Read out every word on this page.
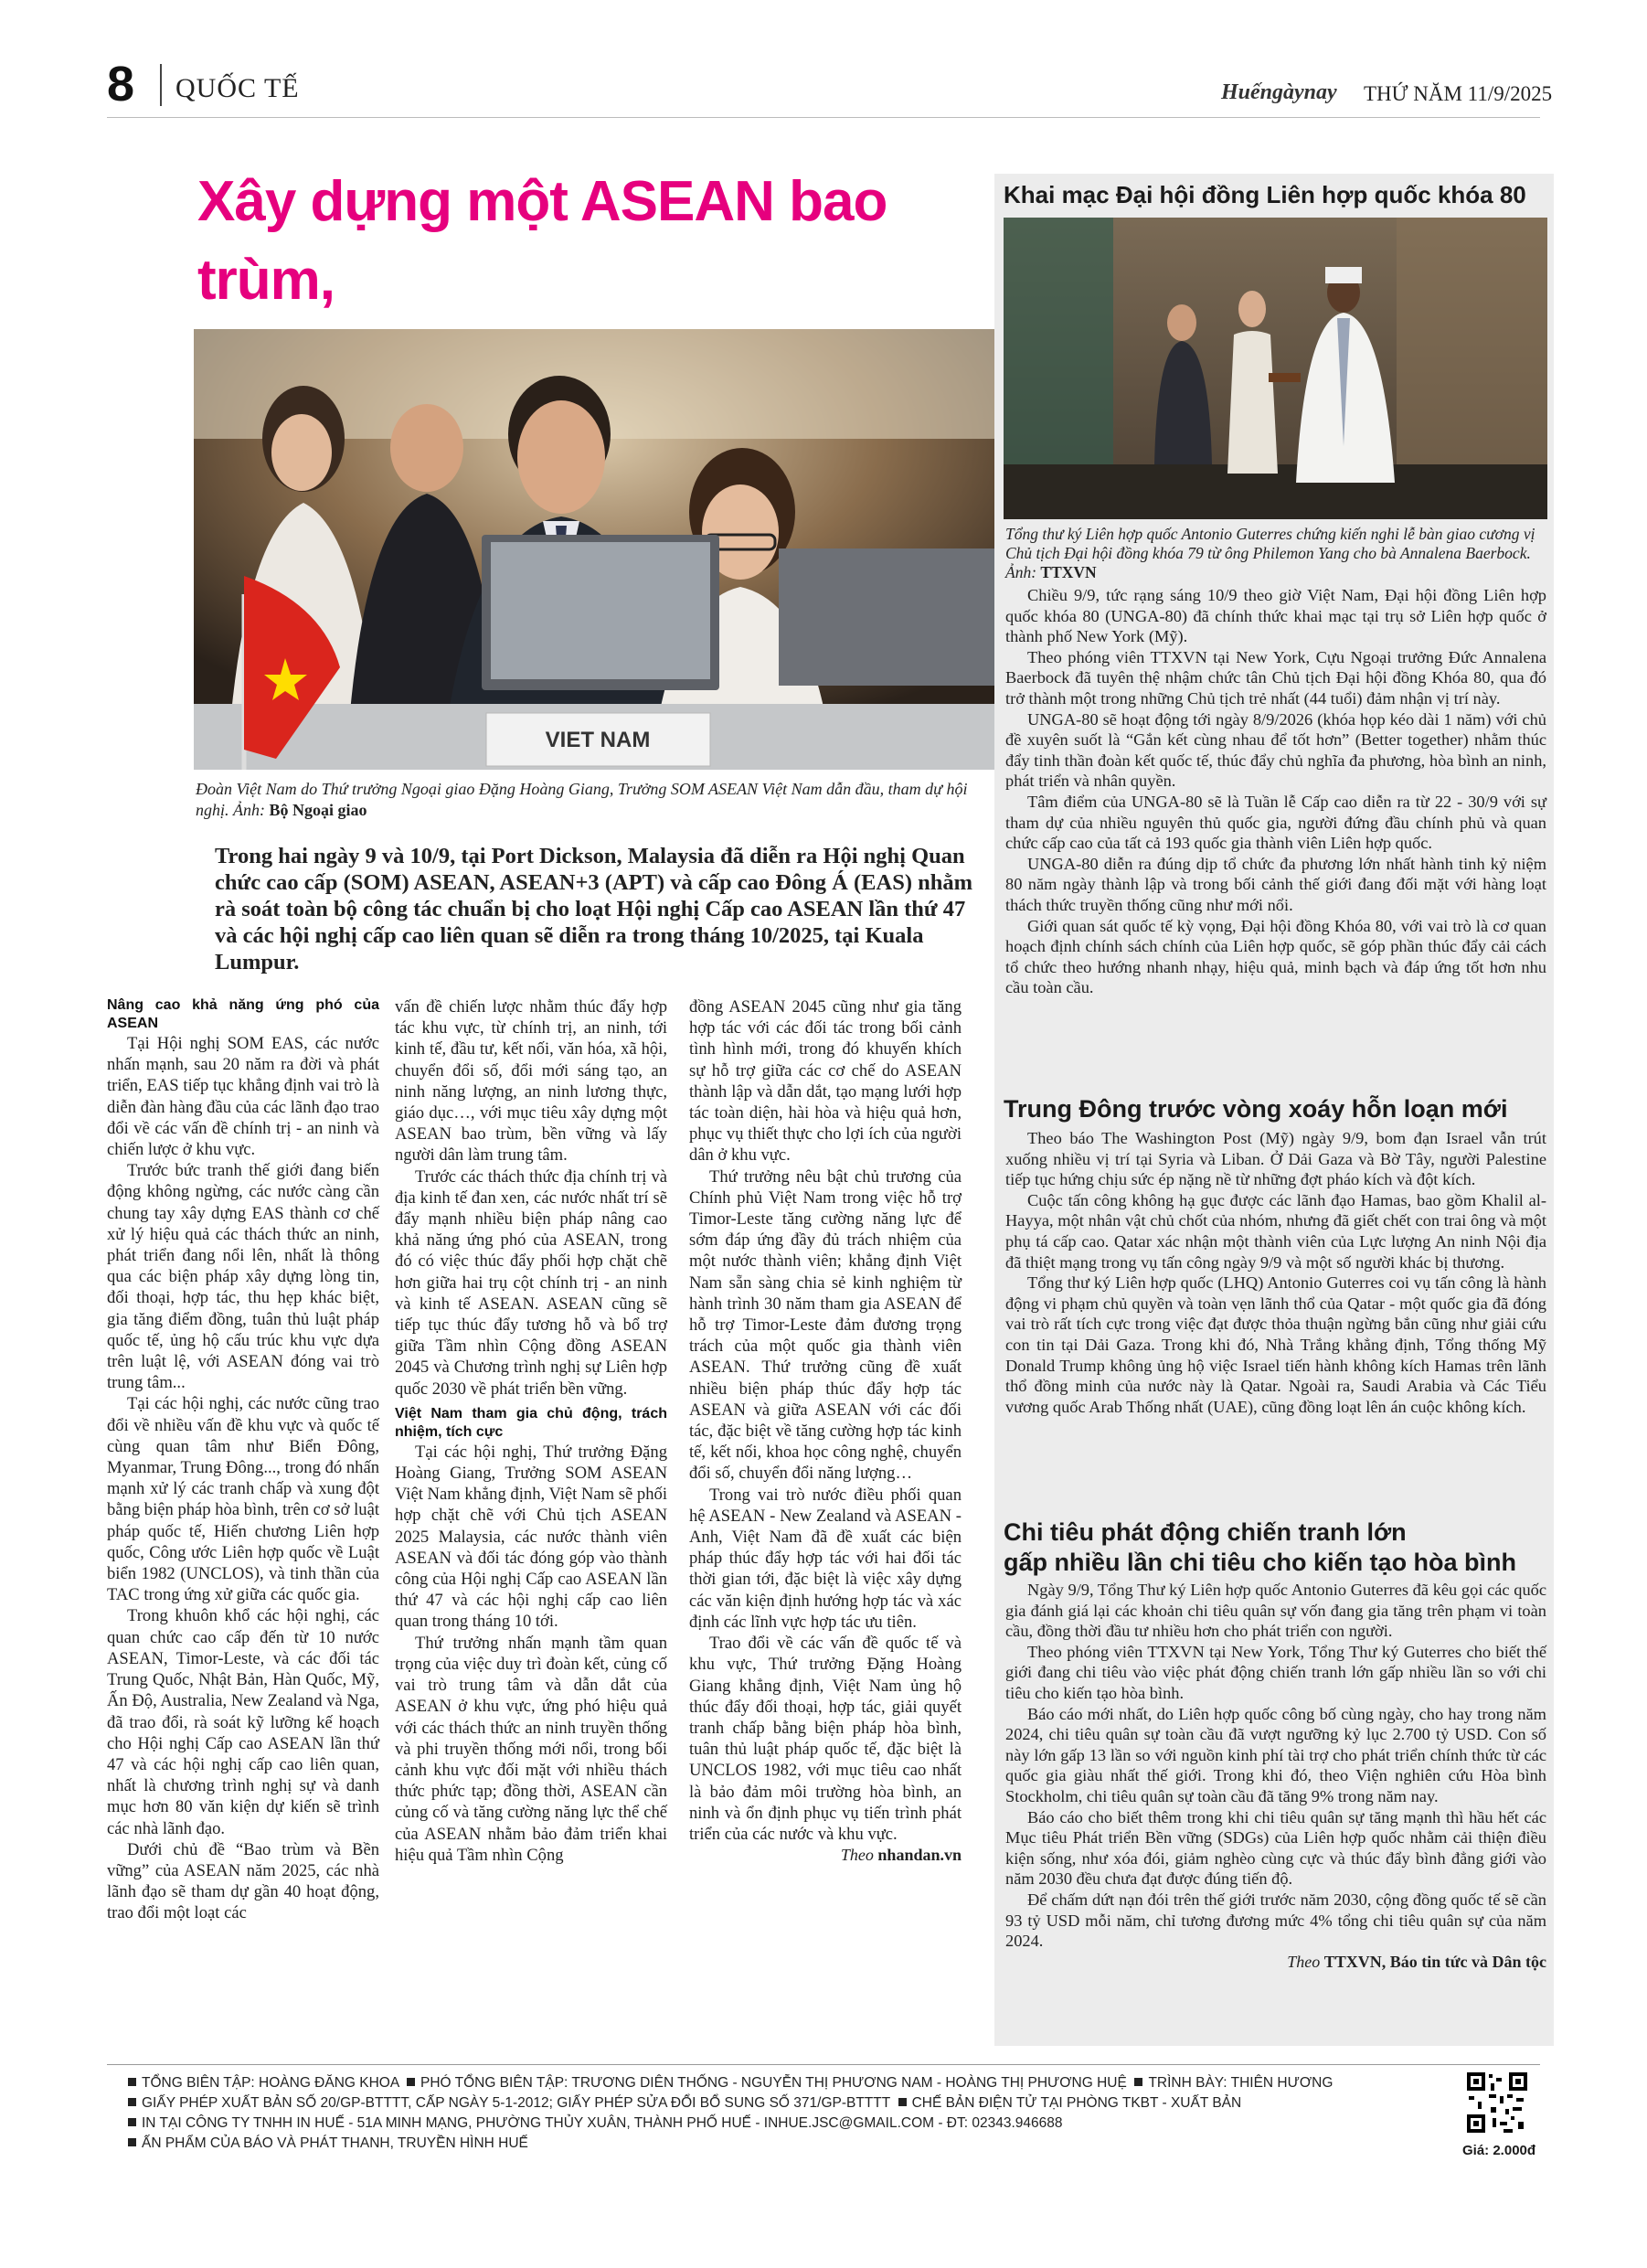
8 QUỐC TẾ	Huếngàynay THỨ NĂM 11/9/2025
Xây dựng một ASEAN bao trùm,
VIET NAM
Đoàn Việt Nam do Thứ trưởng Ngoại giao Đặng Hoàng Giang, Trưởng SOM ASEAN Việt Nam dẫn đầu, tham dự hội nghị. Ảnh: Bộ Ngoại giao
Trong hai ngày 9 và 10/9, tại Port Dickson, Malaysia đã diễn ra Hội nghị Quan chức cao cấp (SOM) ASEAN, ASEAN+3 (APT) và cấp cao Đông Á (EAS) nhằm rà soát toàn bộ công tác chuẩn bị cho loạt Hội nghị Cấp cao ASEAN lần thứ 47 và các hội nghị cấp cao liên quan sẽ diễn ra trong tháng 10/2025, tại Kuala Lumpur.

Nâng cao khả năng ứng phó của ASEAN

Tại Hội nghị SOM EAS, các nước nhấn mạnh, sau 20 năm ra đời và phát triển, EAS tiếp tục khẳng định vai trò là diễn đàn hàng đầu của các lãnh đạo trao đổi về các vấn đề chính trị - an ninh và chiến lược ở khu vực.

Trước bức tranh thế giới đang biến động không ngừng, các nước càng cần chung tay xây dựng EAS thành cơ chế xử lý hiệu quả các thách thức an ninh, phát triển đang nổi lên, nhất là thông qua các biện pháp xây dựng lòng tin, đối thoại, hợp tác, thu hẹp khác biệt, gia tăng điểm đồng, tuân thủ luật pháp quốc tế, ủng hộ cấu trúc khu vực dựa trên luật lệ, với ASEAN đóng vai trò trung tâm...

Tại các hội nghị, các nước cũng trao đổi về nhiều vấn đề khu vực và quốc tế cùng quan tâm như Biển Đông, Myanmar, Trung Đông..., trong đó nhấn mạnh xử lý các tranh chấp và xung đột bằng biện pháp hòa bình, trên cơ sở luật pháp quốc tế, Hiến chương Liên hợp quốc, Công ước Liên hợp quốc về Luật biển 1982 (UNCLOS), và tinh thần của TAC trong ứng xử giữa các quốc gia.

Trong khuôn khổ các hội nghị, các quan chức cao cấp đến từ 10 nước ASEAN, Timor-Leste, và các đối tác Trung Quốc, Nhật Bản, Hàn Quốc, Mỹ, Ấn Độ, Australia, New Zealand và Nga, đã trao đổi, rà soát kỹ lưỡng kế hoạch cho Hội nghị Cấp cao ASEAN lần thứ 47 và các hội nghị cấp cao liên quan, nhất là chương trình nghị sự và danh mục hơn 80 văn kiện dự kiến sẽ trình các nhà lãnh đạo.

Dưới chủ đề “Bao trùm và Bền vững” của ASEAN năm 2025, các nhà lãnh đạo sẽ tham dự gần 40 hoạt động, trao đổi một loạt các

vấn đề chiến lược nhằm thúc đẩy hợp tác khu vực, từ chính trị, an ninh, tới kinh tế, đầu tư, kết nối, văn hóa, xã hội, chuyển đổi số, đổi mới sáng tạo, an ninh năng lượng, an ninh lương thực, giáo dục…, với mục tiêu xây dựng một ASEAN bao trùm, bền vững và lấy người dân làm trung tâm.

Trước các thách thức địa chính trị và địa kinh tế đan xen, các nước nhất trí sẽ đẩy mạnh nhiều biện pháp nâng cao khả năng ứng phó của ASEAN, trong đó có việc thúc đẩy phối hợp chặt chẽ hơn giữa hai trụ cột chính trị - an ninh và kinh tế ASEAN. ASEAN cũng sẽ tiếp tục thúc đẩy tương hỗ và bổ trợ giữa Tầm nhìn Cộng đồng ASEAN 2045 và Chương trình nghị sự Liên hợp quốc 2030 về phát triển bền vững.

Việt Nam tham gia chủ động, trách nhiệm, tích cực

Tại các hội nghị, Thứ trưởng Đặng Hoàng Giang, Trưởng SOM ASEAN Việt Nam khẳng định, Việt Nam sẽ phối hợp chặt chẽ với Chủ tịch ASEAN 2025 Malaysia, các nước thành viên ASEAN và đối tác đóng góp vào thành công của Hội nghị Cấp cao ASEAN lần thứ 47 và các hội nghị cấp cao liên quan trong tháng 10 tới.

Thứ trưởng nhấn mạnh tầm quan trọng của việc duy trì đoàn kết, củng cố vai trò trung tâm và dẫn dắt của ASEAN ở khu vực, ứng phó hiệu quả với các thách thức an ninh truyền thống và phi truyền thống mới nổi, trong bối cảnh khu vực đối mặt với nhiều thách thức phức tạp; đồng thời, ASEAN cần củng cố và tăng cường năng lực thể chế của ASEAN nhằm bảo đảm triển khai hiệu quả Tầm nhìn Cộng

đồng ASEAN 2045 cũng như gia tăng hợp tác với các đối tác trong bối cảnh tình hình mới, trong đó khuyến khích sự hỗ trợ giữa các cơ chế do ASEAN thành lập và dẫn dắt, tạo mạng lưới hợp tác toàn diện, hài hòa và hiệu quả hơn, phục vụ thiết thực cho lợi ích của người dân ở khu vực.

Thứ trưởng nêu bật chủ trương của Chính phủ Việt Nam trong việc hỗ trợ Timor-Leste tăng cường năng lực để sớm đáp ứng đầy đủ trách nhiệm của một nước thành viên; khẳng định Việt Nam sẵn sàng chia sẻ kinh nghiệm từ hành trình 30 năm tham gia ASEAN để hỗ trợ Timor-Leste đảm đương trọng trách của một quốc gia thành viên ASEAN. Thứ trưởng cũng đề xuất nhiều biện pháp thúc đẩy hợp tác ASEAN và giữa ASEAN với các đối tác, đặc biệt về tăng cường hợp tác kinh tế, kết nối, khoa học công nghệ, chuyển đổi số, chuyển đổi năng lượng…

Trong vai trò nước điều phối quan hệ ASEAN - New Zealand và ASEAN - Anh, Việt Nam đã đề xuất các biện pháp thúc đẩy hợp tác với hai đối tác thời gian tới, đặc biệt là việc xây dựng các văn kiện định hướng hợp tác và xác định các lĩnh vực hợp tác ưu tiên.

Trao đổi về các vấn đề quốc tế và khu vực, Thứ trưởng Đặng Hoàng Giang khẳng định, Việt Nam ủng hộ thúc đẩy đối thoại, hợp tác, giải quyết tranh chấp bằng biện pháp hòa bình, tuân thủ luật pháp quốc tế, đặc biệt là UNCLOS 1982, với mục tiêu cao nhất là bảo đảm môi trường hòa bình, an ninh và ổn định phục vụ tiến trình phát triển của các nước và khu vực.

Theo nhandan.vn

Khai mạc Đại hội đồng Liên hợp quốc khóa 80
Tổng thư ký Liên hợp quốc Antonio Guterres chứng kiến nghi lễ bàn giao cương vị Chủ tịch Đại hội đồng khóa 79 từ ông Philemon Yang cho bà Annalena Baerbock. Ảnh: TTXVN

Chiều 9/9, tức rạng sáng 10/9 theo giờ Việt Nam, Đại hội đồng Liên hợp quốc khóa 80 (UNGA-80) đã chính thức khai mạc tại trụ sở Liên hợp quốc ở thành phố New York (Mỹ).

Theo phóng viên TTXVN tại New York, Cựu Ngoại trưởng Đức Annalena Baerbock đã tuyên thệ nhậm chức tân Chủ tịch Đại hội đồng Khóa 80, qua đó trở thành một trong những Chủ tịch trẻ nhất (44 tuổi) đảm nhận vị trí này.

UNGA-80 sẽ hoạt động tới ngày 8/9/2026 (khóa họp kéo dài 1 năm) với chủ đề xuyên suốt là “Gắn kết cùng nhau để tốt hơn” (Better together) nhằm thúc đẩy tinh thần đoàn kết quốc tế, thúc đẩy chủ nghĩa đa phương, hòa bình an ninh, phát triển và nhân quyền.

Tâm điểm của UNGA-80 sẽ là Tuần lễ Cấp cao diễn ra từ 22 - 30/9 với sự tham dự của nhiều nguyên thủ quốc gia, người đứng đầu chính phủ và quan chức cấp cao của tất cả 193 quốc gia thành viên Liên hợp quốc.

UNGA-80 diễn ra đúng dịp tổ chức đa phương lớn nhất hành tinh kỷ niệm 80 năm ngày thành lập và trong bối cảnh thế giới đang đối mặt với hàng loạt thách thức truyền thống cũng như mới nổi.

Giới quan sát quốc tế kỳ vọng, Đại hội đồng Khóa 80, với vai trò là cơ quan hoạch định chính sách chính của Liên hợp quốc, sẽ góp phần thúc đẩy cải cách tổ chức theo hướng nhanh nhạy, hiệu quả, minh bạch và đáp ứng tốt hơn nhu cầu toàn cầu.

Trung Đông trước vòng xoáy hỗn loạn mới

Theo báo The Washington Post (Mỹ) ngày 9/9, bom đạn Israel vẫn trút xuống nhiều vị trí tại Syria và Liban. Ở Dải Gaza và Bờ Tây, người Palestine tiếp tục hứng chịu sức ép nặng nề từ những đợt pháo kích và đột kích.

Cuộc tấn công không hạ gục được các lãnh đạo Hamas, bao gồm Khalil al-Hayya, một nhân vật chủ chốt của nhóm, nhưng đã giết chết con trai ông và một phụ tá cấp cao. Qatar xác nhận một thành viên của Lực lượng An ninh Nội địa đã thiệt mạng trong vụ tấn công ngày 9/9 và một số người khác bị thương.

Tổng thư ký Liên hợp quốc (LHQ) Antonio Guterres coi vụ tấn công là hành động vi phạm chủ quyền và toàn vẹn lãnh thổ của Qatar - một quốc gia đã đóng vai trò rất tích cực trong việc đạt được thỏa thuận ngừng bắn cũng như giải cứu con tin tại Dải Gaza. Trong khi đó, Nhà Trắng khẳng định, Tổng thống Mỹ Donald Trump không ủng hộ việc Israel tiến hành không kích Hamas trên lãnh thổ đồng minh của nước này là Qatar. Ngoài ra, Saudi Arabia và Các Tiểu vương quốc Arab Thống nhất (UAE), cũng đồng loạt lên án cuộc không kích.

Chi tiêu phát động chiến tranh lớn
gấp nhiều lần chi tiêu cho kiến tạo hòa bình

Ngày 9/9, Tổng Thư ký Liên hợp quốc Antonio Guterres đã kêu gọi các quốc gia đánh giá lại các khoản chi tiêu quân sự vốn đang gia tăng trên phạm vi toàn cầu, đồng thời đầu tư nhiều hơn cho phát triển con người.

Theo phóng viên TTXVN tại New York, Tổng Thư ký Guterres cho biết thế giới đang chi tiêu vào việc phát động chiến tranh lớn gấp nhiều lần so với chi tiêu cho kiến tạo hòa bình.

Báo cáo mới nhất, do Liên hợp quốc công bố cùng ngày, cho hay trong năm 2024, chi tiêu quân sự toàn cầu đã vượt ngưỡng kỷ lục 2.700 tỷ USD. Con số này lớn gấp 13 lần so với nguồn kinh phí tài trợ cho phát triển chính thức từ các quốc gia giàu nhất thế giới. Trong khi đó, theo Viện nghiên cứu Hòa bình Stockholm, chi tiêu quân sự toàn cầu đã tăng 9% trong năm nay.

Báo cáo cho biết thêm trong khi chi tiêu quân sự tăng mạnh thì hầu hết các Mục tiêu Phát triển Bền vững (SDGs) của Liên hợp quốc nhằm cải thiện điều kiện sống, như xóa đói, giảm nghèo cùng cực và thúc đẩy bình đẳng giới vào năm 2030 đều chưa đạt được đúng tiến độ.

Để chấm dứt nạn đói trên thế giới trước năm 2030, cộng đồng quốc tế sẽ cần 93 tỷ USD mỗi năm, chỉ tương đương mức 4% tổng chi tiêu quân sự của năm 2024.

Theo TTXVN, Báo tin tức và Dân tộc

TỔNG BIÊN TẬP: HOÀNG ĐĂNG KHOA PHÓ TỔNG BIÊN TẬP: TRƯƠNG DIÊN THỐNG - NGUYỄN THỊ PHƯƠNG NAM - HOÀNG THỊ PHƯƠNG HUỆ TRÌNH BÀY: THIÊN HƯƠNG
GIẤY PHÉP XUẤT BẢN SỐ 20/GP-BTTTT, CẤP NGÀY 5-1-2012; GIẤY PHÉP SỬA ĐỔI BỔ SUNG SỐ 371/GP-BTTTT CHẾ BẢN ĐIỆN TỬ TẠI PHÒNG TKBT - XUẤT BẢN
IN TẠI CÔNG TY TNHH IN HUẾ - 51A MINH MẠNG, PHƯỜNG THỦY XUÂN, THÀNH PHỐ HUẾ - INHUE.JSC@GMAIL.COM - ĐT: 02343.946688
ẤN PHẨM CỦA BÁO VÀ PHÁT THANH, TRUYỀN HÌNH HUẾ	Giá: 2.000đ
